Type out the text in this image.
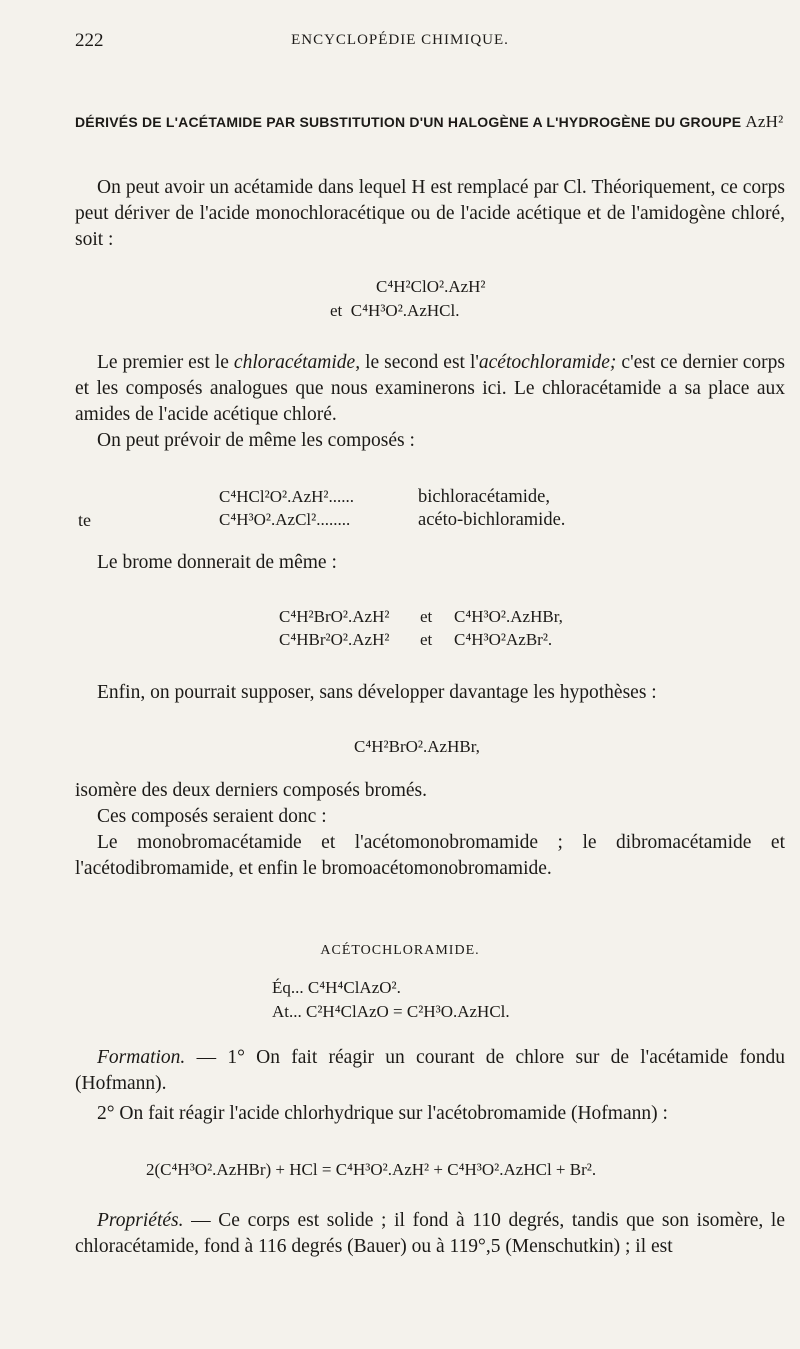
222	ENCYCLOPÉDIE CHIMIQUE.
DÉRIVÉS DE L'ACÉTAMIDE PAR SUBSTITUTION D'UN HALOGÈNE A L'HYDROGÈNE DU GROUPE AzH²
On peut avoir un acétamide dans lequel H est remplacé par Cl. Théoriquement, ce corps peut dériver de l'acide monochloracétique ou de l'acide acétique et de l'amidogène chloré, soit :
C⁴H²ClO².AzH²
et C⁴H³O².AzHCl.
Le premier est le chloracétamide, le second est l'acétochloramide; c'est ce dernier corps et les composés analogues que nous examinerons ici. Le chloracétamide a sa place aux amides de l'acide acétique chloré.
On peut prévoir de même les composés :
C⁴HCl²O².AzH²......	bichloracétamide,
te	C⁴H³O².AzCl²........	acéto-bichloramide.
Le brome donnerait de même :
C⁴H²BrO².AzH² et C⁴H³O².AzHBr,
C⁴HBr²O².AzH² et C⁴H³O²AzBr².
Enfin, on pourrait supposer, sans développer davantage les hypothèses :
C⁴H²BrO².AzHBr,
isomère des deux derniers composés bromés.
Ces composés seraient donc :
Le monobromacétamide et l'acétomonobromamide ; le dibromacétamide et l'acétodibromamide, et enfin le bromoacétomonobromamide.
ACÉTOCHLORAMIDE.
Éq... C⁴H⁴ClAzO².
At... C²H⁴ClAzO = C²H³O.AzHCl.
Formation. — 1° On fait réagir un courant de chlore sur de l'acétamide fondu (Hofmann).
2° On fait réagir l'acide chlorhydrique sur l'acétobromamide (Hofmann) :
2(C⁴H³O².AzHBr) + HCl = C⁴H³O².AzH² + C⁴H³O².AzHCl + Br².
Propriétés. — Ce corps est solide ; il fond à 110 degrés, tandis que son isomère, le chloracétamide, fond à 116 degrés (Bauer) ou à 119°,5 (Menschutkin) ; il est
